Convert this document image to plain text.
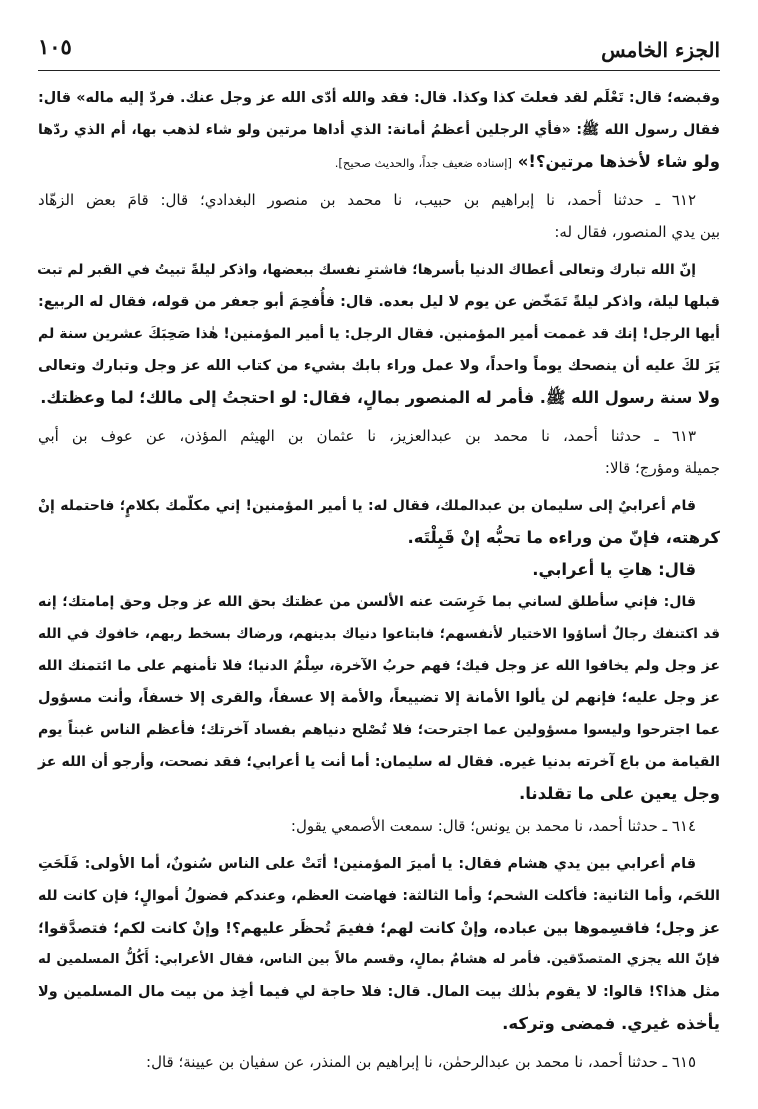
الجزء الخامس
١٠٥
وقبضه؛ قال: تَعْلَم لقد فعلتَ كذا وكذا. قال: فقد والله أدّى الله عز وجل عنك. فردّ إليه ماله» قال:
فقال رسول الله ﷺ: «فأي الرجلين أعظمُ أمانة: الذي أداها مرتين ولو شاء لذهب بها، أم الذي ردّها
ولو شاء لأخذها مرتين؟!» [إسناده ضعيف جداً، والحديث صحيح].
٦١٢ ـ حدثنا أحمد، نا إبراهيم بن حبيب، نا محمد بن منصور البغدادي؛ قال: قامَ بعض الزهّاد
بين يدي المنصور، فقال له:
إنّ الله تبارك وتعالى أعطاك الدنيا بأسرها؛ فاشترِ نفسك ببعضها، واذكر ليلةً تبيتُ في القبر لم تبت
قبلها ليلة، واذكر ليلةً تَمَخّض عن يوم لا ليل بعده. قال: فأُفحِمَ أبو جعفر من قوله، فقال له الربيع:
أيها الرجل! إنك قد غممت أمير المؤمنين. فقال الرجل: يا أمير المؤمنين! هٰذا صَحِبَكَ عشرين سنة لم
يَرَ لكَ عليه أن ينصحك يوماً واحداً، ولا عمل وراء بابك بشيء من كتاب الله عز وجل وتبارك وتعالى
ولا سنة رسول الله ﷺ. فأمر له المنصور بمالٍ، فقال: لو احتجتُ إلى مالك؛ لما وعظتك.
٦١٣ ـ حدثنا أحمد، نا محمد بن عبدالعزيز، نا عثمان بن الهيثم المؤذن، عن عوف بن أبي
جميلة ومؤرج؛ قالا:
قام أعرابيٌ إلى سليمان بن عبدالملك، فقال له: يا أمير المؤمنين! إني مكلّمك بكلامٍ؛ فاحتمله إنْ
كرهته، فإنّ من وراءه ما تحبُّه إنْ قَبِلْتَه.
قال: هاتِ يا أعرابي.
قال: فإني سأطلق لساني بما خَرِسَت عنه الألسن من عظتك بحق الله عز وجل وحق إمامتك؛ إنه
قد اكتنفك رجالٌ أساؤوا الاختيار لأنفسهم؛ فابتاعوا دنياك بدينهم، ورضاك بسخط ربهم، خافوك في الله
عز وجل ولم يخافوا الله عز وجل فيك؛ فهم حربُ الآخرة، سِلْمُ الدنيا؛ فلا تأمنهم على ما ائتمنك الله
عز وجل عليه؛ فإنهم لن يألوا الأمانة إلا تضييعاً، والأمة إلا عسفاً، والقرى إلا خسفاً، وأنت مسؤول
عما اجترحوا وليسوا مسؤولين عما اجترحت؛ فلا تُصْلح دنياهم بفساد آخرتك؛ فأعظم الناس غبناً يوم
القيامة من باع آخرته بدنيا غيره. فقال له سليمان: أما أنت يا أعرابي؛ فقد نصحت، وأرجو أن الله عز
وجل يعين على ما تقلدنا.
٦١٤ ـ حدثنا أحمد، نا محمد بن يونس؛ قال: سمعت الأصمعي يقول:
قام أعرابي بين يدي هشام فقال: يا أميرَ المؤمنين! أتَتْ على الناس سُنونٌ، أما الأولى: فَلَحَتِ
اللحَم، وأما الثانية: فأكلت الشحم؛ وأما الثالثة: فهاضت العظم، وعندكم فضولُ أموالٍ؛ فإن كانت لله
عز وجل؛ فاقسِموها بين عباده، وإنْ كانت لهم؛ ففيمَ تُحظَر عليهم؟! وإنْ كانت لكم؛ فتصدَّقوا؛
فإنّ الله يجزي المتصدّقين. فأمر له هشامٌ بمالٍ، وقسم مالاً بين الناس، فقال الأعرابي: أَكُلُّ المسلمين له
مثل هذا؟! قالوا: لا يقوم بذٰلك بيت المال. قال: فلا حاجة لي فيما أخِذ من بيت مال المسلمين ولا
يأخذه غيري. فمضى وتركه.
٦١٥ ـ حدثنا أحمد، نا محمد بن عبدالرحمٰن، نا إبراهيم بن المنذر، عن سفيان بن عيينة؛ قال:
